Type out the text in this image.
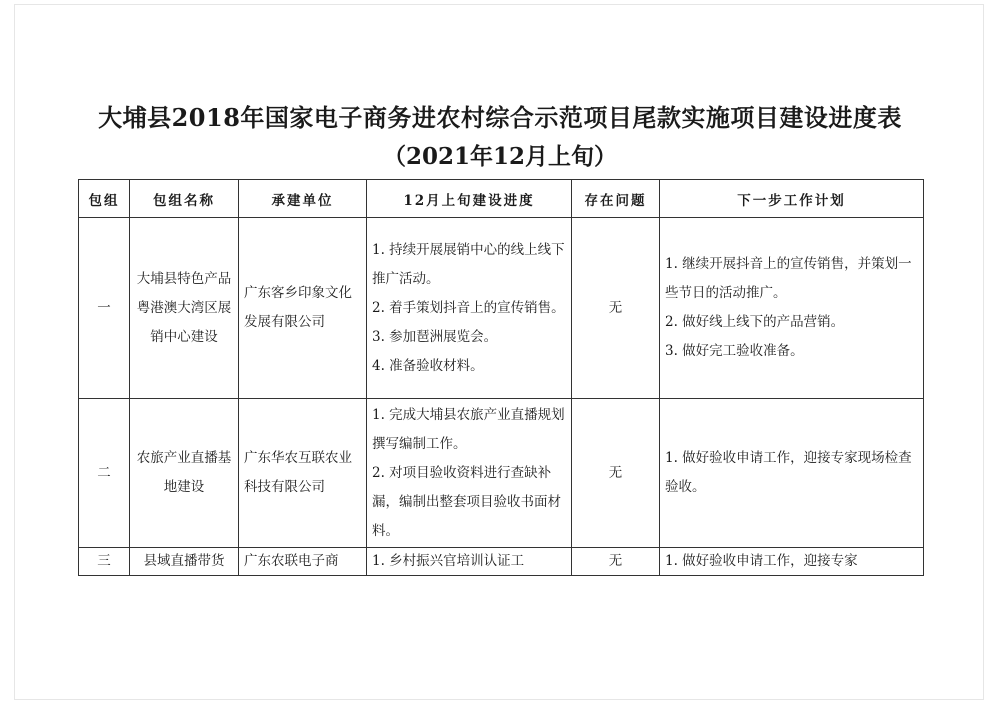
大埔县2018年国家电子商务进农村综合示范项目尾款实施项目建设进度表
（2021年12月上旬）
包组	包组名称	承建单位	12月上旬建设进度	存在问题	下一步工作计划
一	大埔县特色产品粤港澳大湾区展销中心建设	广东客乡印象文化发展有限公司	1. 持续开展展销中心的线上线下推广活动。
2. 着手策划抖音上的宣传销售。
3. 参加琶洲展览会。
4. 准备验收材料。	无	1. 继续开展抖音上的宣传销售，并策划一些节日的活动推广。
2. 做好线上线下的产品营销。
3. 做好完工验收准备。

二	农旅产业直播基地建设	广东华农互联农业科技有限公司	1. 完成大埔县农旅产业直播规划撰写编制工作。
2. 对项目验收资料进行查缺补漏，编制出整套项目验收书面材料。	无	1. 做好验收申请工作，迎接专家现场检查验收。

三	县域直播带货	广东农联电子商	1. 乡村振兴官培训认证工	无	1. 做好验收申请工作，迎接专家
